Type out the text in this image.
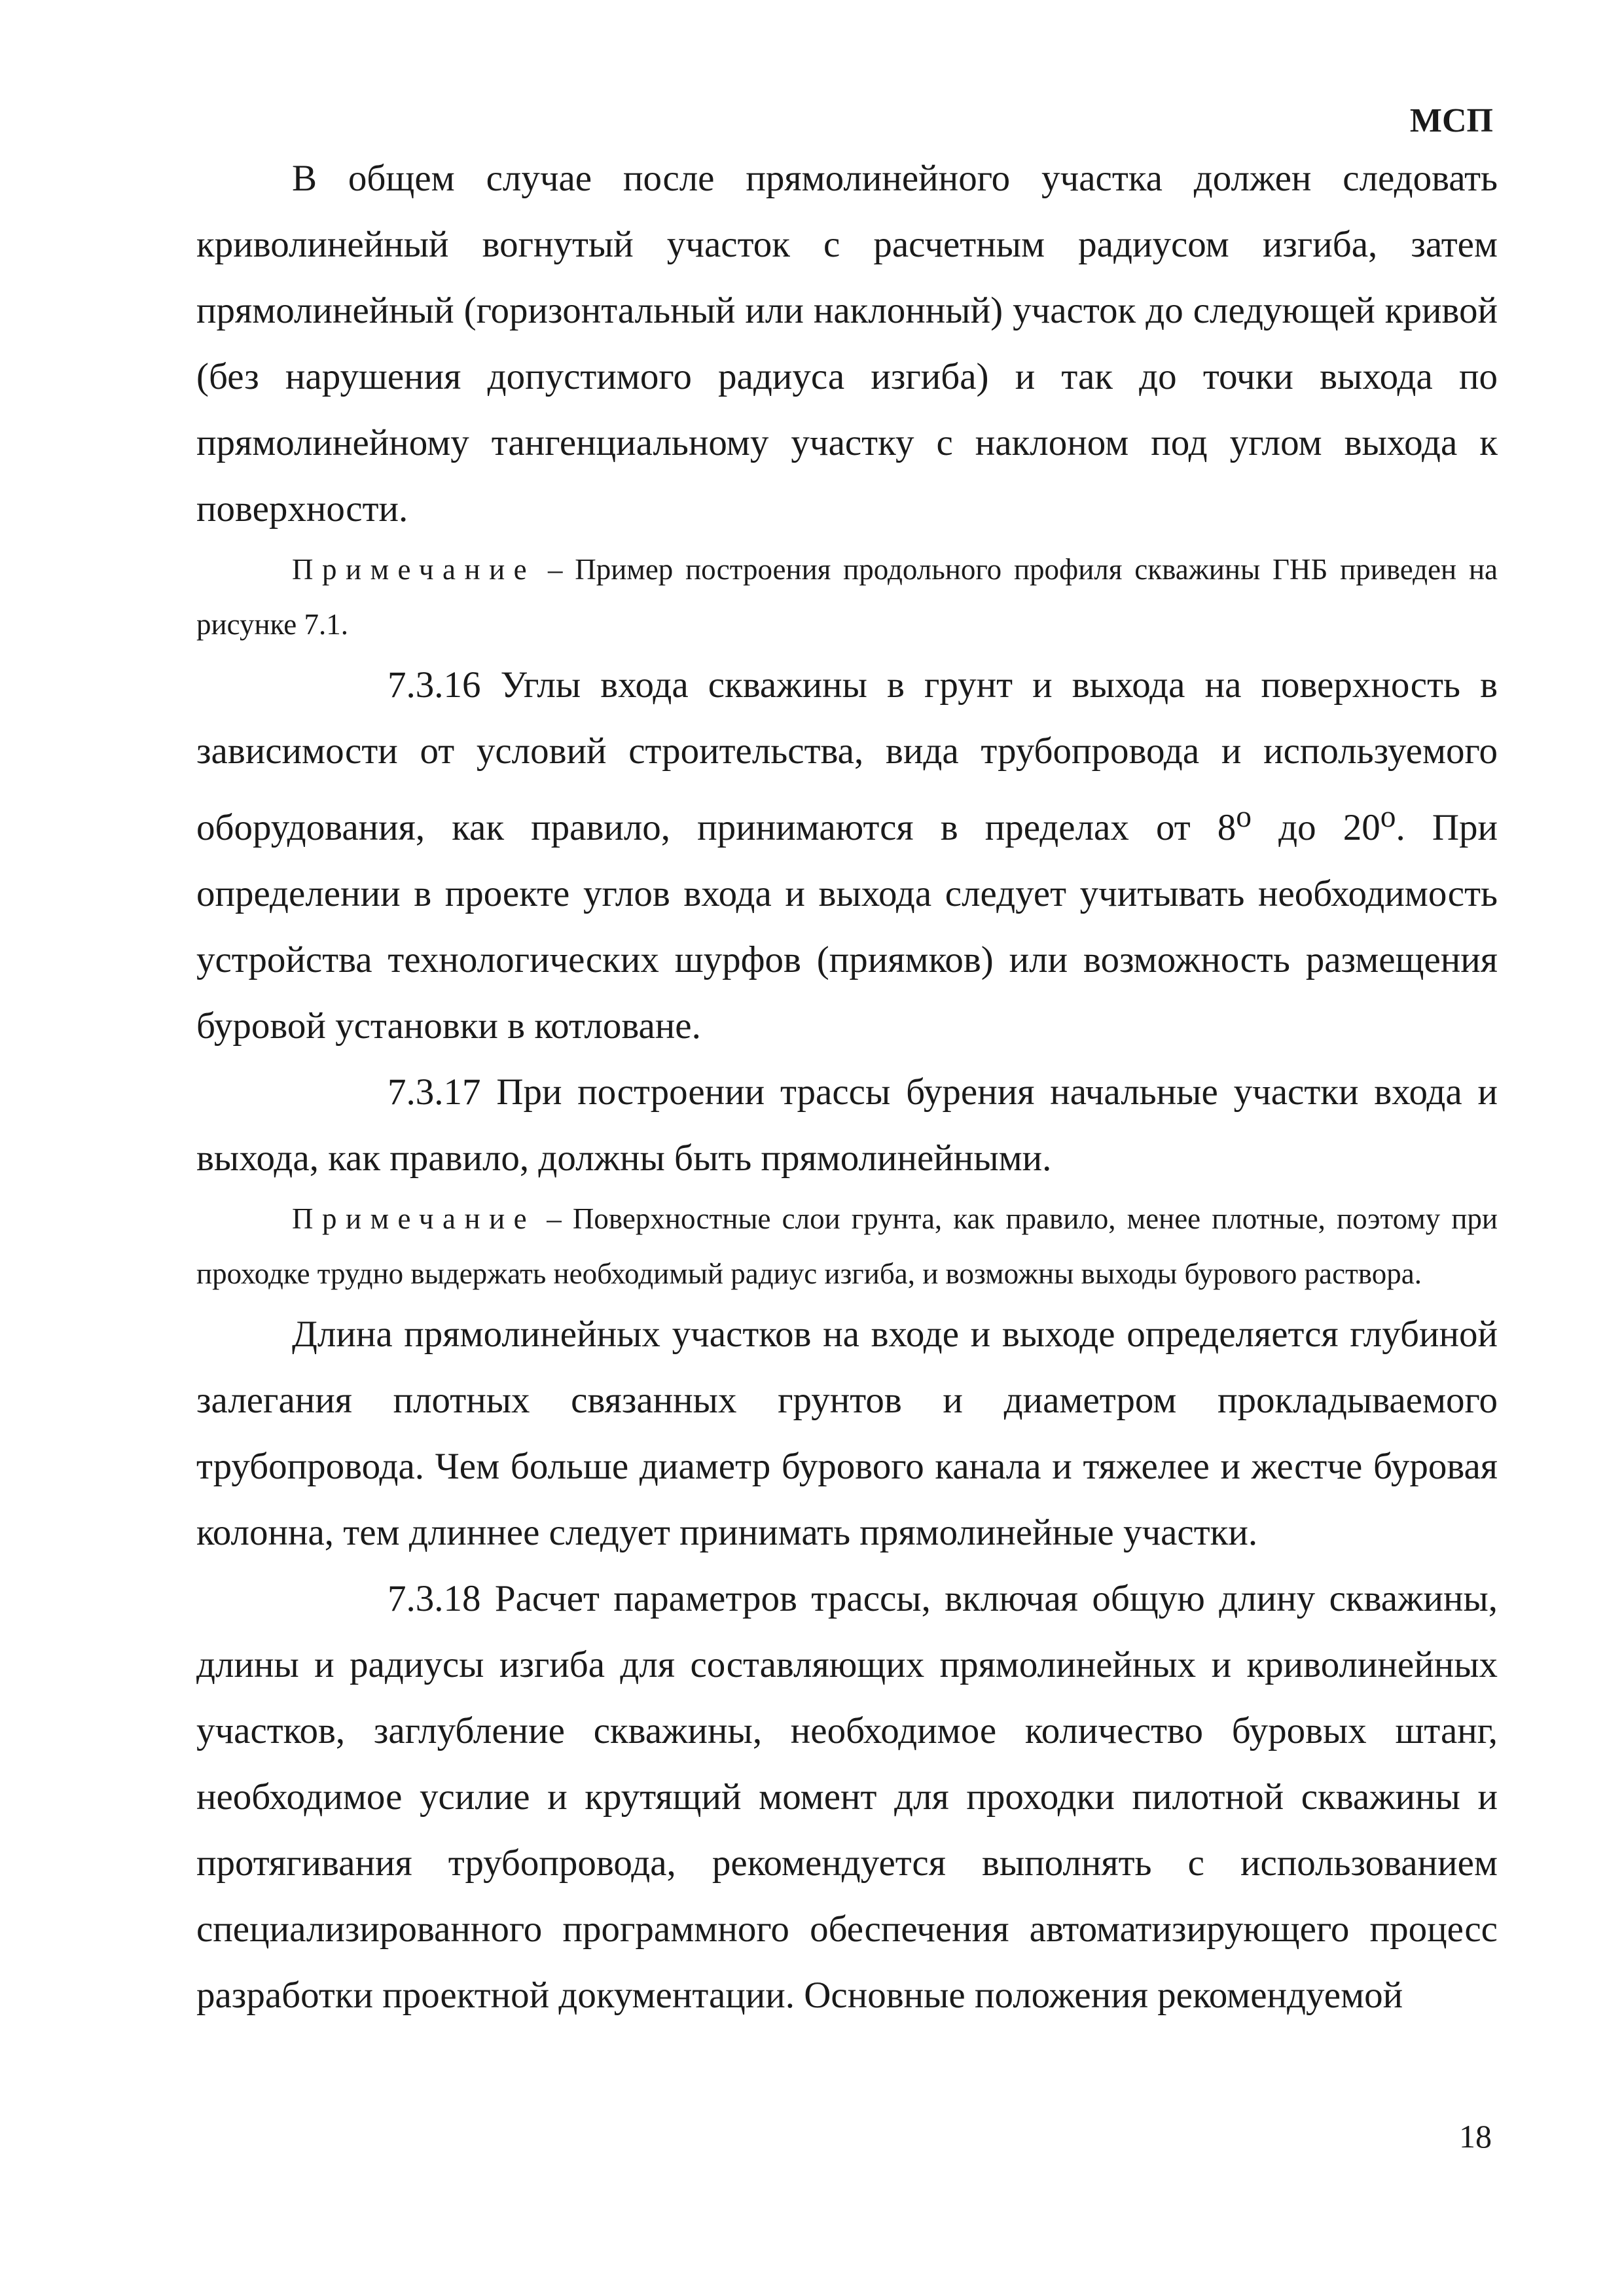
МСП

В общем случае после прямолинейного участка должен следовать криволинейный вогнутый участок с расчетным радиусом изгиба, затем прямолинейный (горизонтальный или наклонный) участок до следующей кривой (без нарушения допустимого радиуса изгиба) и так до точки выхода по прямолинейному тангенциальному участку с наклоном под углом выхода к поверхности.

Примечание – Пример построения продольного профиля скважины ГНБ приведен на рисунке 7.1.

7.3.16 Углы входа скважины в грунт и выхода на поверхность в зависимости от условий строительства, вида трубопровода и используемого оборудования, как правило, принимаются в пределах от $8^о$ до $20^о$. При определении в проекте углов входа и выхода следует учитывать необходимость устройства технологических шурфов (приямков) или возможность размещения буровой установки в котловане.

7.3.17 При построении трассы бурения начальные участки входа и выхода, как правило, должны быть прямолинейными.

Примечание – Поверхностные слои грунта, как правило, менее плотные, поэтому при проходке трудно выдержать необходимый радиус изгиба, и возможны выходы бурового раствора.

Длина прямолинейных участков на входе и выходе определяется глубиной залегания плотных связанных грунтов и диаметром прокладываемого трубопровода. Чем больше диаметр бурового канала и тяжелее и жестче буровая колонна, тем длиннее следует принимать прямолинейные участки.

7.3.18 Расчет параметров трассы, включая общую длину скважины, длины и радиусы изгиба для составляющих прямолинейных и криволинейных участков, заглубление скважины, необходимое количество буровых штанг, необходимое усилие и крутящий момент для проходки пилотной скважины и протягивания трубопровода, рекомендуется выполнять с использованием специализированного программного обеспечения автоматизирующего процесс разработки проектной документации. Основные положения рекомендуемой

18
